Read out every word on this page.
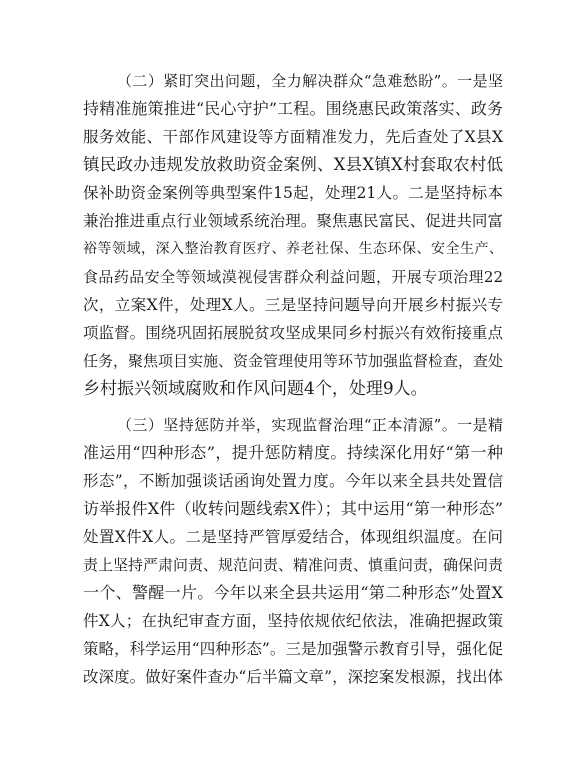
（二）紧盯突出问题，全力解决群众“急难愁盼”。一是坚
持精准施策推进“民心守护”工程。围绕惠民政策落实、政务
服务效能、干部作风建设等方面精准发力，先后查处了X县X
镇民政办违规发放救助资金案例、X县X镇X村套取农村低
保补助资金案例等典型案件15起，处理21人。二是坚持标本
兼治推进重点行业领域系统治理。聚焦惠民富民、促进共同富
裕等领域，深入整治教育医疗、养老社保、生态环保、安全生产、
食品药品安全等领域漠视侵害群众利益问题，开展专项治理22
次，立案X件，处理X人。三是坚持问题导向开展乡村振兴专
项监督。围绕巩固拓展脱贫攻坚成果同乡村振兴有效衔接重点
任务，聚焦项目实施、资金管理使用等环节加强监督检查，查处
乡村振兴领域腐败和作风问题4个，处理9人。
（三）坚持惩防并举，实现监督治理“正本清源”。一是精
准运用“四种形态”，提升惩防精度。持续深化用好“第一种
形态”，不断加强谈话函询处置力度。今年以来全县共处置信
访举报件X件（收转问题线索X件）；其中运用“第一种形态”
处置X件X人。二是坚持严管厚爱结合，体现组织温度。在问
责上坚持严肃问责、规范问责、精准问责、慎重问责，确保问责
一个、警醒一片。今年以来全县共运用“第二种形态”处置X
件X人；在执纪审查方面，坚持依规依纪依法，准确把握政策
策略，科学运用“四种形态”。三是加强警示教育引导，强化促
改深度。做好案件查办“后半篇文章”，深挖案发根源，找出体
